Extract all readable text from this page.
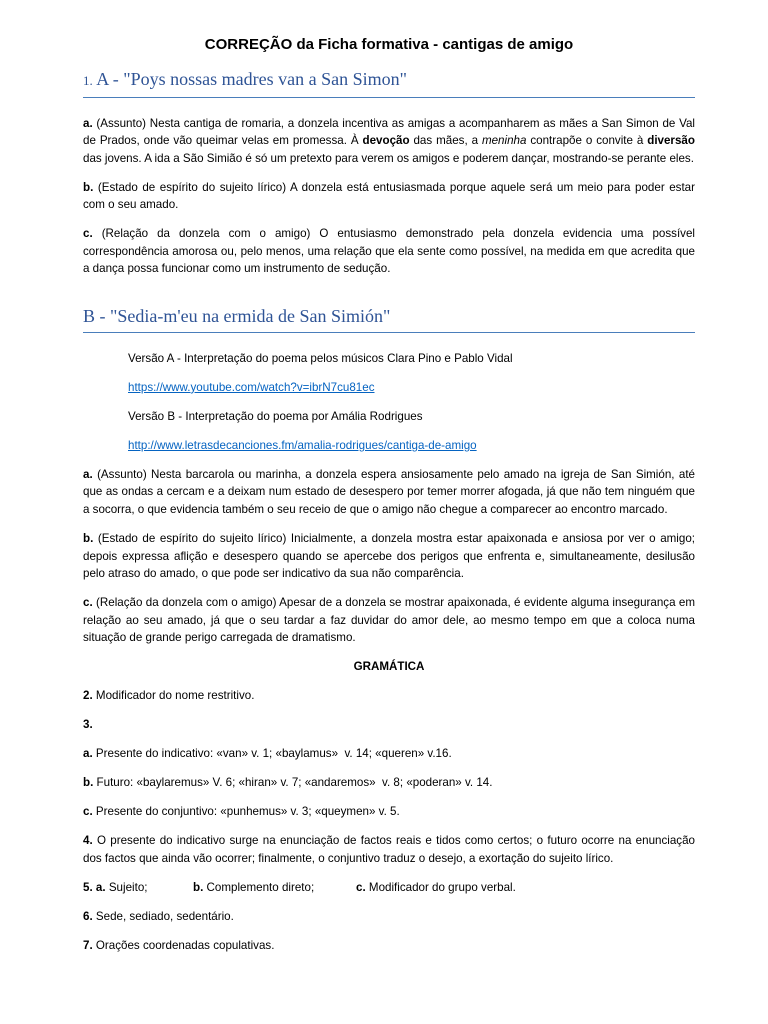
CORREÇÃO da Ficha formativa - cantigas de amigo
1. A - "Poys nossas madres van a San Simon"

a. (Assunto) Nesta cantiga de romaria, a donzela incentiva as amigas a acompanharem as mães a San Simon de Val de Prados, onde vão queimar velas em promessa. À devoção das mães, a meninha contrapõe o convite à diversão das jovens. A ida a São Simião é só um pretexto para verem os amigos e poderem dançar, mostrando-se perante eles.

b. (Estado de espírito do sujeito lírico) A donzela está entusiasmada porque aquele será um meio para poder estar com o seu amado.

c. (Relação da donzela com o amigo) O entusiasmo demonstrado pela donzela evidencia uma possível correspondência amorosa ou, pelo menos, uma relação que ela sente como possível, na medida em que acredita que a dança possa funcionar como um instrumento de sedução.

B - "Sedia-m'eu na ermida de San Simión"

Versão A - Interpretação do poema pelos músicos Clara Pino e Pablo Vidal

https://www.youtube.com/watch?v=ibrN7cu81ec

Versão B - Interpretação do poema por Amália Rodrigues

http://www.letrasdecanciones.fm/amalia-rodrigues/cantiga-de-amigo

a. (Assunto) Nesta barcarola ou marinha, a donzela espera ansiosamente pelo amado na igreja de San Simión, até que as ondas a cercam e a deixam num estado de desespero por temer morrer afogada, já que não tem ninguém que a socorra, o que evidencia também o seu receio de que o amigo não chegue a comparecer ao encontro marcado.

b. (Estado de espírito do sujeito lírico) Inicialmente, a donzela mostra estar apaixonada e ansiosa por ver o amigo; depois expressa aflição e desespero quando se apercebe dos perigos que enfrenta e, simultaneamente, desilusão pelo atraso do amado, o que pode ser indicativo da sua não comparência.

c. (Relação da donzela com o amigo) Apesar de a donzela se mostrar apaixonada, é evidente alguma insegurança em relação ao seu amado, já que o seu tardar a faz duvidar do amor dele, ao mesmo tempo em que a coloca numa situação de grande perigo carregada de dramatismo.

GRAMÁTICA

2. Modificador do nome restritivo.

3.

a. Presente do indicativo: «van» v. 1; «baylamus»  v. 14; «queren» v.16.

b. Futuro: «baylaremus» V. 6; «hiran» v. 7; «andaremos»  v. 8; «poderan» v. 14.

c. Presente do conjuntivo: «punhemus» v. 3; «queymen» v. 5.

4. O presente do indicativo surge na enunciação de factos reais e tidos como certos; o futuro ocorre na enunciação dos factos que ainda vão ocorrer; finalmente, o conjuntivo traduz o desejo, a exortação do sujeito lírico.

5. a. Sujeito;	b. Complemento direto;	c. Modificador do grupo verbal.

6. Sede, sediado, sedentário.

7. Orações coordenadas copulativas.
